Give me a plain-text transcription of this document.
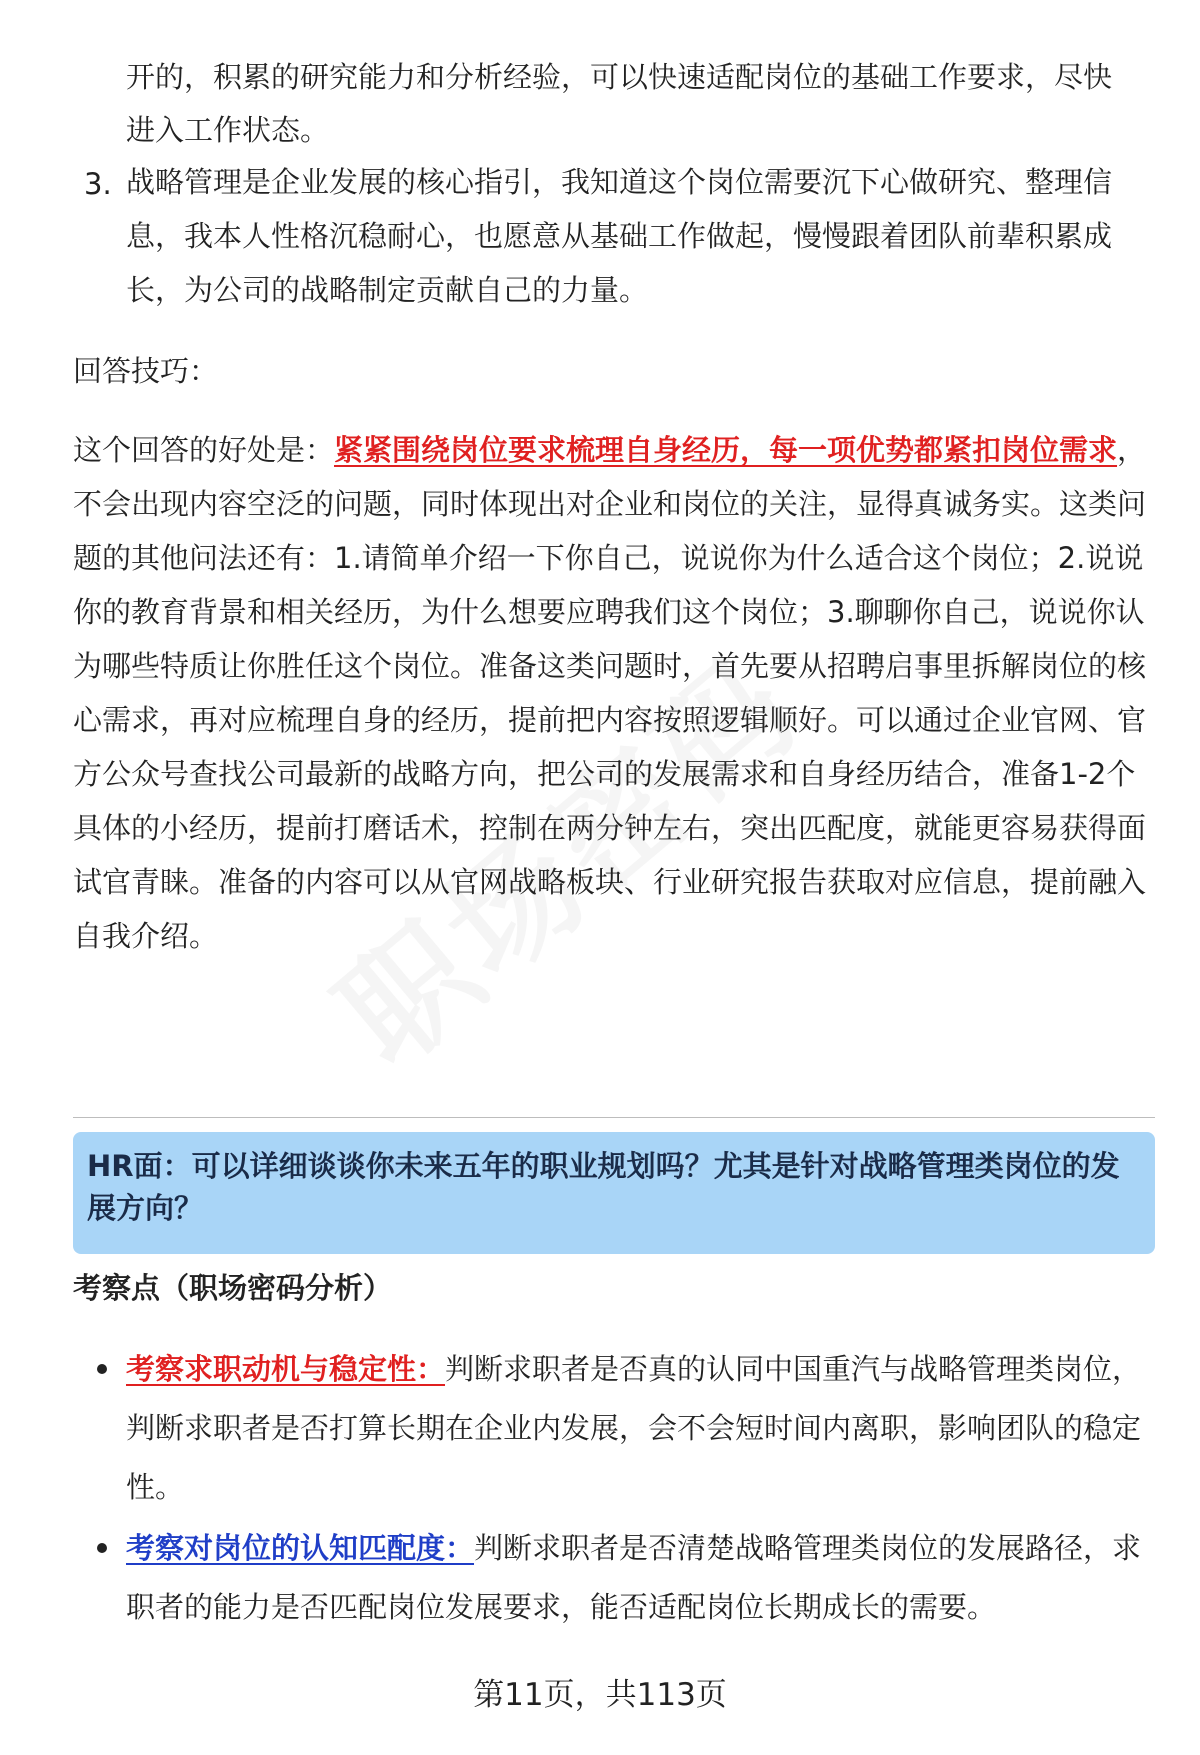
开的，积累的研究能力和分析经验，可以快速适配岗位的基础工作要求，尽快

进入工作状态。

3. 战略管理是企业发展的核心指引，我知道这个岗位需要沉下心做研究、整理信息，我本人性格沉稳耐心，也愿意从基础工作做起，慢慢跟着团队前辈积累成长，为公司的战略制定贡献自己的力量。

回答技巧：

这个回答的好处是：紧紧围绕岗位要求梳理自身经历，每一项优势都紧扣岗位需求，不会出现内容空泛的问题，同时体现出对企业和岗位的关注，显得真诚务实。这类问题的其他问法还有：1.请简单介绍一下你自己，说说你为什么适合这个岗位；2.说说你的教育背景和相关经历，为什么想要应聘我们这个岗位；3.聊聊你自己，说说你认为哪些特质让你胜任这个岗位。准备这类问题时，首先要从招聘启事里拆解岗位的核心需求，再对应梳理自身的经历，提前把内容按照逻辑顺好。可以通过企业官网、官方公众号查找公司最新的战略方向，把公司的发展需求和自身经历结合，准备1-2个具体的小经历，提前打磨话术，控制在两分钟左右，突出匹配度，就能更容易获得面试官青睐。准备的内容可以从官网战略板块、行业研究报告获取对应信息，提前融入自我介绍。

HR面：可以详细谈谈你未来五年的职业规划吗？尤其是针对战略管理类岗位的发展方向？

考察点（职场密码分析）

考察求职动机与稳定性：判断求职者是否真的认同中国重汽与战略管理类岗位，判断求职者是否打算长期在企业内发展，会不会短时间内离职，影响团队的稳定性。

考察对岗位的认知匹配度：判断求职者是否清楚战略管理类岗位的发展路径，求职者的能力是否匹配岗位发展要求，能否适配岗位长期成长的需要。

第11页，共113页
